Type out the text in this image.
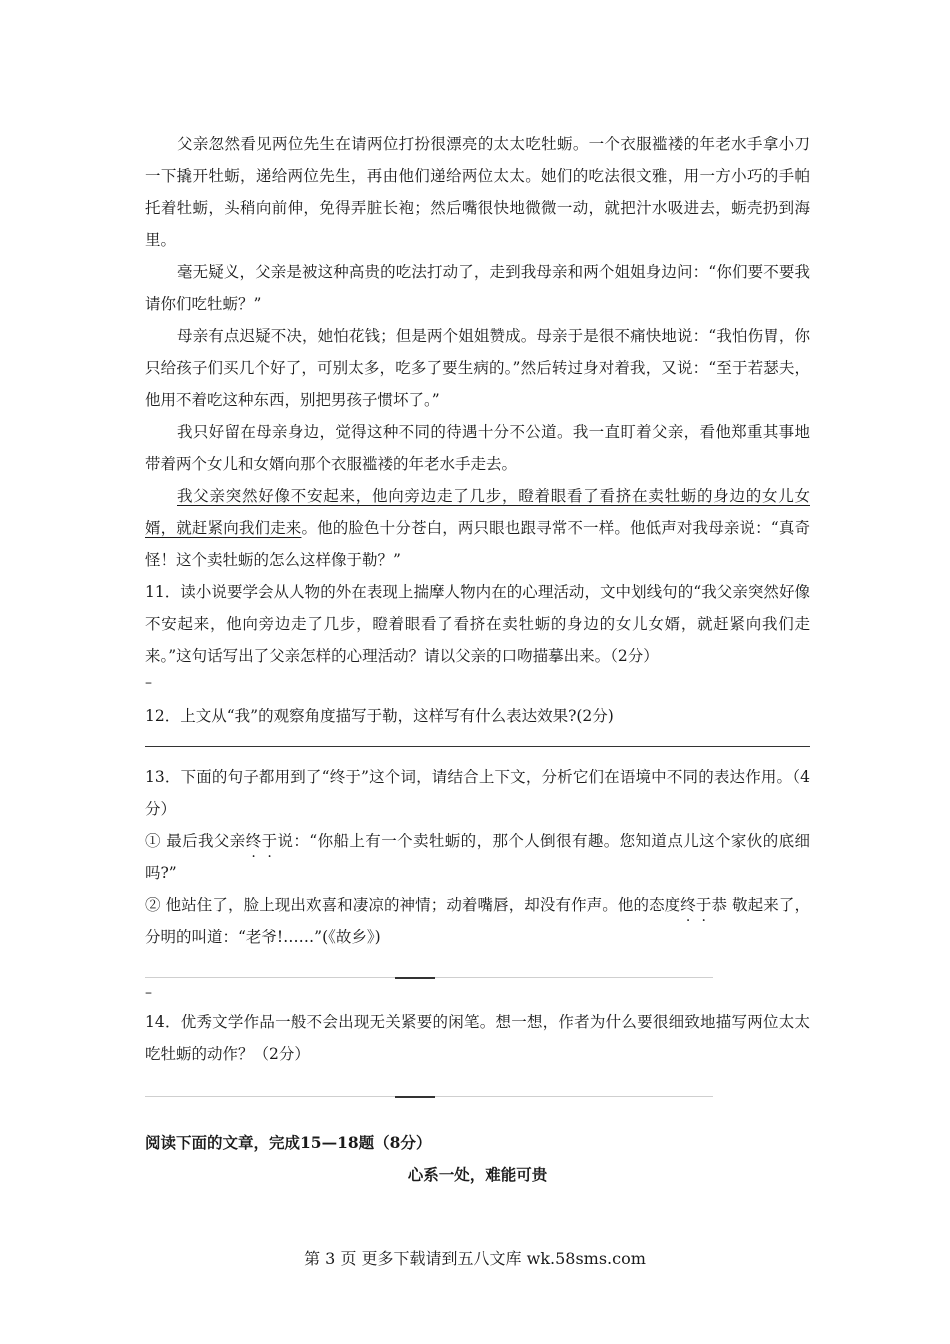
父亲忽然看见两位先生在请两位打扮很漂亮的太太吃牡蛎。一个衣服褴褛的年老水手拿小刀一下撬开牡蛎，递给两位先生，再由他们递给两位太太。她们的吃法很文雅，用一方小巧的手帕托着牡蛎，头稍向前伸，免得弄脏长袍；然后嘴很快地微微一动，就把汁水吸进去，蛎壳扔到海里。

毫无疑义，父亲是被这种高贵的吃法打动了，走到我母亲和两个姐姐身边问：“你们要不要我请你们吃牡蛎？”

母亲有点迟疑不决，她怕花钱；但是两个姐姐赞成。母亲于是很不痛快地说：“我怕伤胃，你只给孩子们买几个好了，可别太多，吃多了要生病的。”然后转过身对着我，又说：“至于若瑟夫，他用不着吃这种东西，别把男孩子惯坏了。”

我只好留在母亲身边，觉得这种不同的待遇十分不公道。我一直盯着父亲，看他郑重其事地带着两个女儿和女婿向那个衣服褴褛的年老水手走去。

我父亲突然好像不安起来，他向旁边走了几步，瞪着眼看了看挤在卖牡蛎的身边的女儿女婿，就赶紧向我们走来。他的脸色十分苍白，两只眼也跟寻常不一样。他低声对我母亲说：“真奇怪！这个卖牡蛎的怎么这样像于勒？”

11．读小说要学会从人物的外在表现上揣摩人物内在的心理活动，文中划线句的“我父亲突然好像不安起来，他向旁边走了几步，瞪着眼看了看挤在卖牡蛎的身边的女儿女婿，就赶紧向我们走来。”这句话写出了父亲怎样的心理活动？请以父亲的口吻描摹出来。（2分）

–

12．上文从“我”的观察角度描写于勒，这样写有什么表达效果?(2分)

13．下面的句子都用到了“终于”这个词，请结合上下文，分析它们在语境中不同的表达作用。（4分）

① 最后我父亲终于说：“你船上有一个卖牡蛎的，那个人倒很有趣。您知道点儿这个家伙的底细吗?”

② 他站住了，脸上现出欢喜和凄凉的神情；动着嘴唇，却没有作声。他的态度终于恭 敬起来了，分明的叫道：“老爷!……”(《故乡》)

–

14．优秀文学作品一般不会出现无关紧要的闲笔。想一想，作者为什么要很细致地描写两位太太吃牡蛎的动作？（2分）

阅读下面的文章，完成15—18题（8分）

心系一处，难能可贵

第 3 页 更多下载请到五八文库 wk.58sms.com
